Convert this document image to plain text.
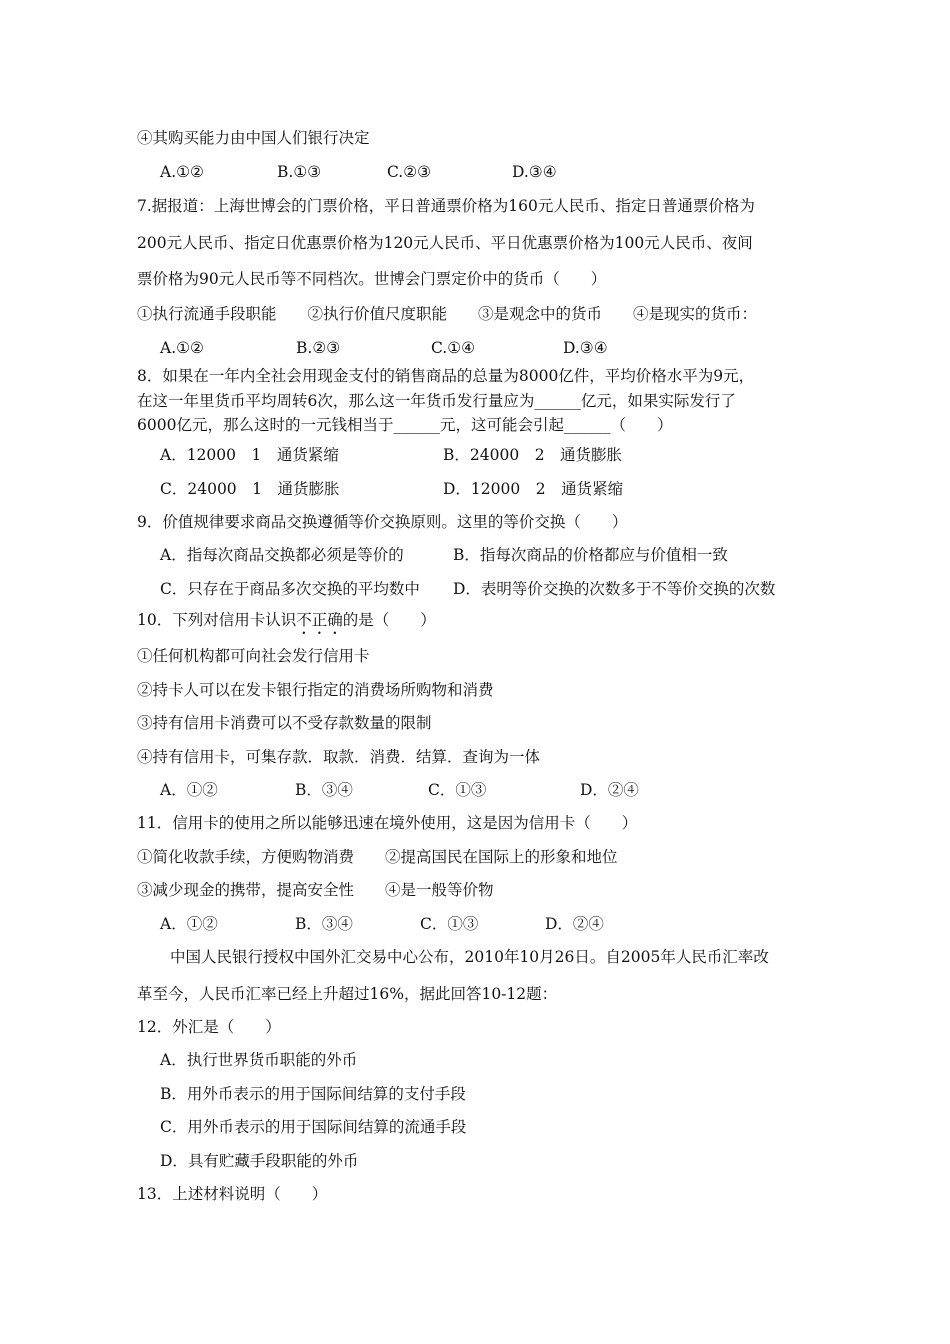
④其购买能力由中国人们银行决定
A.①②	B.①③	C.②③	D.③④
7.据报道：上海世博会的门票价格，平日普通票价格为160元人民币、指定日普通票价格为
200元人民币、指定日优惠票价格为120元人民币、平日优惠票价格为100元人民币、夜间
票价格为90元人民币等不同档次。世博会门票定价中的货币（　　）
①执行流通手段职能　　②执行价值尺度职能　　③是观念中的货币　　④是现实的货币：
A.①②	B.②③	C.①④	D.③④
8．如果在一年内全社会用现金支付的销售商品的总量为8000亿件，平均价格水平为9元，
在这一年里货币平均周转6次，那么这一年货币发行量应为______亿元，如果实际发行了
6000亿元，那么这时的一元钱相当于______元，这可能会引起______（　　）
A．12000　1　通货紧缩	B．24000　2　通货膨胀
C．24000　1　通货膨胀	D．12000　2　通货紧缩
9．价值规律要求商品交换遵循等价交换原则。这里的等价交换（　　）
A．指每次商品交换都必须是等价的	B．指每次商品的价格都应与价值相一致
C．只存在于商品多次交换的平均数中 D．表明等价交换的次数多于不等价交换的次数
10．下列对信用卡认识不正确的是（　　）
①任何机构都可向社会发行信用卡
②持卡人可以在发卡银行指定的消费场所购物和消费
③持有信用卡消费可以不受存款数量的限制
④持有信用卡，可集存款．取款．消费．结算．查询为一体
A．①②	B．③④	C．①③	D．②④
11．信用卡的使用之所以能够迅速在境外使用，这是因为信用卡（　　）
①简化收款手续，方便购物消费　　②提高国民在国际上的形象和地位
③减少现金的携带，提高安全性　　④是一般等价物
A．①②	B．③④	C．①③	D．②④
中国人民银行授权中国外汇交易中心公布，2010年10月26日。自2005年人民币汇率改
革至今，人民币汇率已经上升超过16%，据此回答10-12题：
12．外汇是（　　）
A．执行世界货币职能的外币
B．用外币表示的用于国际间结算的支付手段
C．用外币表示的用于国际间结算的流通手段
D．具有贮藏手段职能的外币
13．上述材料说明（　　）
